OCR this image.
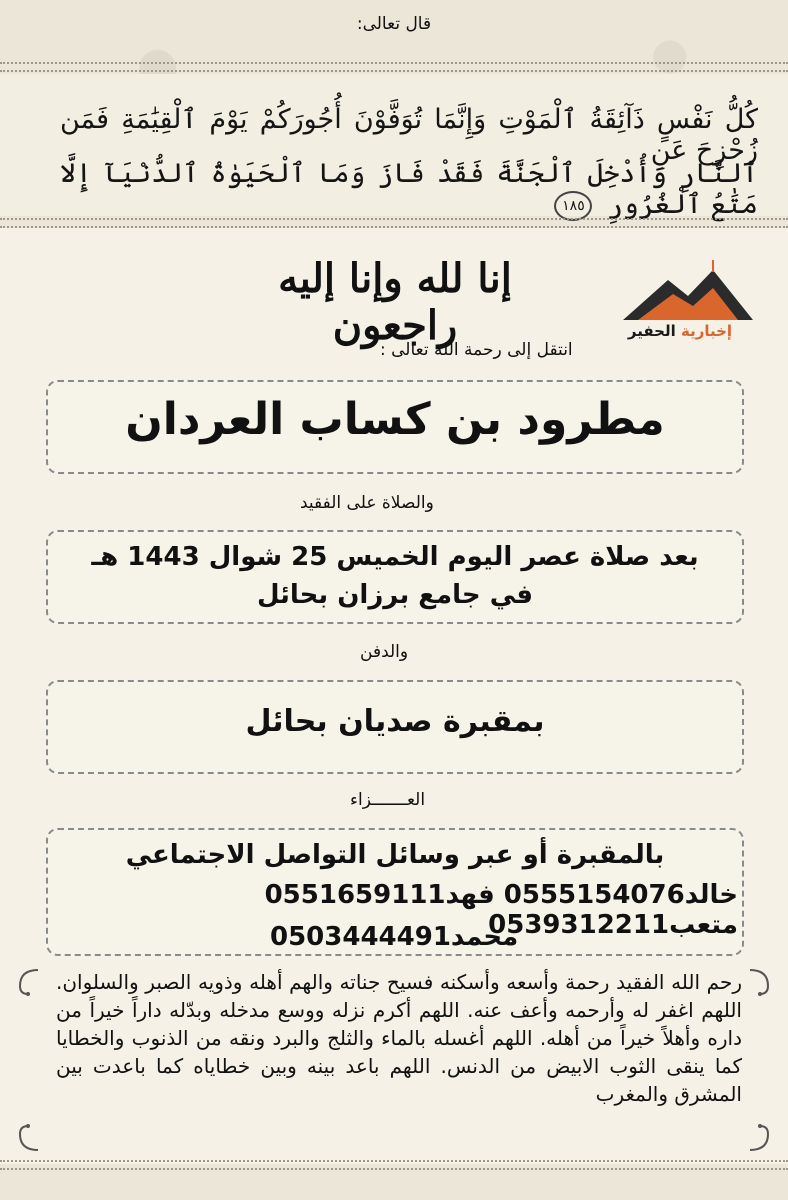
قال تعالى:
كُلُّ نَفْسٍ ذَآئِقَةُ ٱلْمَوْتِ وَإِنَّمَا تُوَفَّوْنَ أُجُورَكُمْ يَوْمَ ٱلْقِيَٰمَةِ فَمَن زُحْزِحَ عَنِ
ٱلنَّارِ وَأُدْخِلَ ٱلْجَنَّةَ فَقَدْ فَازَ وَمَا ٱلْحَيَوٰةُ ٱلدُّنْيَآ إِلَّا مَتَٰعُ ٱلْغُرُورِ ١٨٥
إخبارية الحفير
إنا لله وإنا إليه راجعون
انتقل إلى رحمة الله تعالى :
مطرود بن كساب العردان
والصلاة على الفقيد
بعد صلاة عصر اليوم الخميس 25 شوال 1443 هـ
في جامع برزان بحائل
والدفن
بمقبرة صديان بحائل
العـــــــزاء
بالمقبرة أو عبر وسائل التواصل الاجتماعي
خالد0555154076 فهد0551659111 متعب0539312211
محمد0503444491
رحم الله الفقيد رحمة وأسعه وأسكنه فسيح جناته والهم أهله وذويه الصبر والسلوان. اللهم اغفر له وأرحمه وأعف عنه. اللهم أكرم نزله ووسع مدخله وبدّله داراً خيراً من داره وأهلاً خيراً من أهله. اللهم أغسله بالماء والثلج والبرد ونقه من الذنوب والخطايا كما ينقى الثوب الابيض من الدنس. اللهم باعد بينه وبين خطاياه كما باعدت بين المشرق والمغرب
